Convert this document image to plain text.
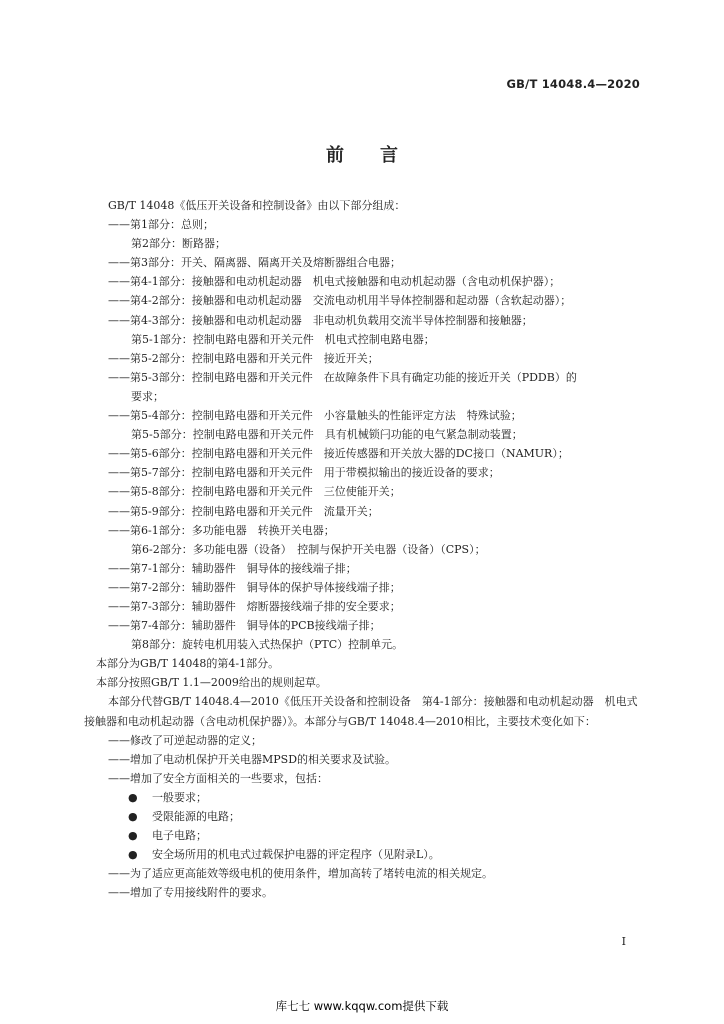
GB/T 14048.4—2020
前　　言
GB/T 14048《低压开关设备和控制设备》由以下部分组成：
——第1部分：总则；
第2部分：断路器；
——第3部分：开关、隔离器、隔离开关及熔断器组合电器；
——第4-1部分：接触器和电动机起动器　机电式接触器和电动机起动器（含电动机保护器）；
——第4-2部分：接触器和电动机起动器　交流电动机用半导体控制器和起动器（含软起动器）；
——第4-3部分：接触器和电动机起动器　非电动机负载用交流半导体控制器和接触器；
第5-1部分：控制电路电器和开关元件　机电式控制电路电器；
——第5-2部分：控制电路电器和开关元件　接近开关；
——第5-3部分：控制电路电器和开关元件　在故障条件下具有确定功能的接近开关（PDDB）的
要求；
——第5-4部分：控制电路电器和开关元件　小容量触头的性能评定方法　特殊试验；
第5-5部分：控制电路电器和开关元件　具有机械锁闩功能的电气紧急制动装置；
——第5-6部分：控制电路电器和开关元件　接近传感器和开关放大器的DC接口（NAMUR）；
——第5-7部分：控制电路电器和开关元件　用于带模拟输出的接近设备的要求；
——第5-8部分：控制电路电器和开关元件　三位使能开关；
——第5-9部分：控制电路电器和开关元件　流量开关；
——第6-1部分：多功能电器　转换开关电器；
第6-2部分：多功能电器（设备）　控制与保护开关电器（设备）（CPS）；
——第7-1部分：辅助器件　铜导体的接线端子排；
——第7-2部分：辅助器件　铜导体的保护导体接线端子排；
——第7-3部分：辅助器件　熔断器接线端子排的安全要求；
——第7-4部分：辅助器件　铜导体的PCB接线端子排；
第8部分：旋转电机用装入式热保护（PTC）控制单元。
本部分为GB/T 14048的第4-1部分。
本部分按照GB/T 1.1—2009给出的规则起草。
本部分代替GB/T 14048.4—2010《低压开关设备和控制设备　第4-1部分：接触器和电动机起动器　机电式接触器和电动机起动器（含电动机保护器）》。本部分与GB/T 14048.4—2010相比，主要技术变化如下：
——修改了可逆起动器的定义；
——增加了电动机保护开关电器MPSD的相关要求及试验。
——增加了安全方面相关的一些要求，包括：
● 一般要求；
● 受限能源的电路；
● 电子电路；
● 安全场所用的机电式过载保护电器的评定程序（见附录L）。
——为了适应更高能效等级电机的使用条件，增加高转了堵转电流的相关规定。
——增加了专用接线附件的要求。
I
库七七 www.kqqw.com提供下载
